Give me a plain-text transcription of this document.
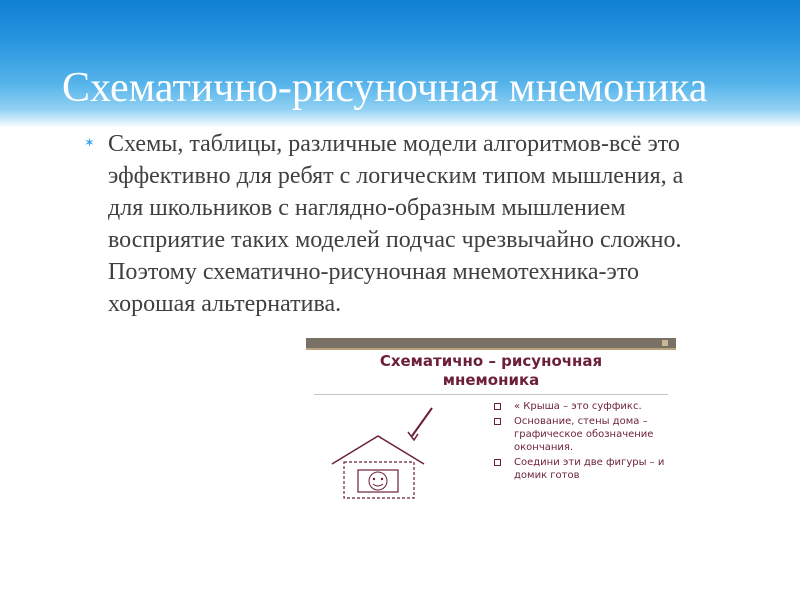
Схематично-рисуночная мнемоника
✶ Схемы, таблицы, различные модели алгоритмов-всё это эффективно для ребят с логическим типом мышления, а для школьников с наглядно-образным мышлением восприятие таких моделей подчас чрезвычайно сложно. Поэтому схематично-рисуночная мнемотехника-это хорошая альтернатива.
Схематично – рисуночная
мнемоника
« Крыша – это суффикс.
Основание, стены дома – графическое обозначение окончания.
Соедини эти две фигуры – и домик готов
